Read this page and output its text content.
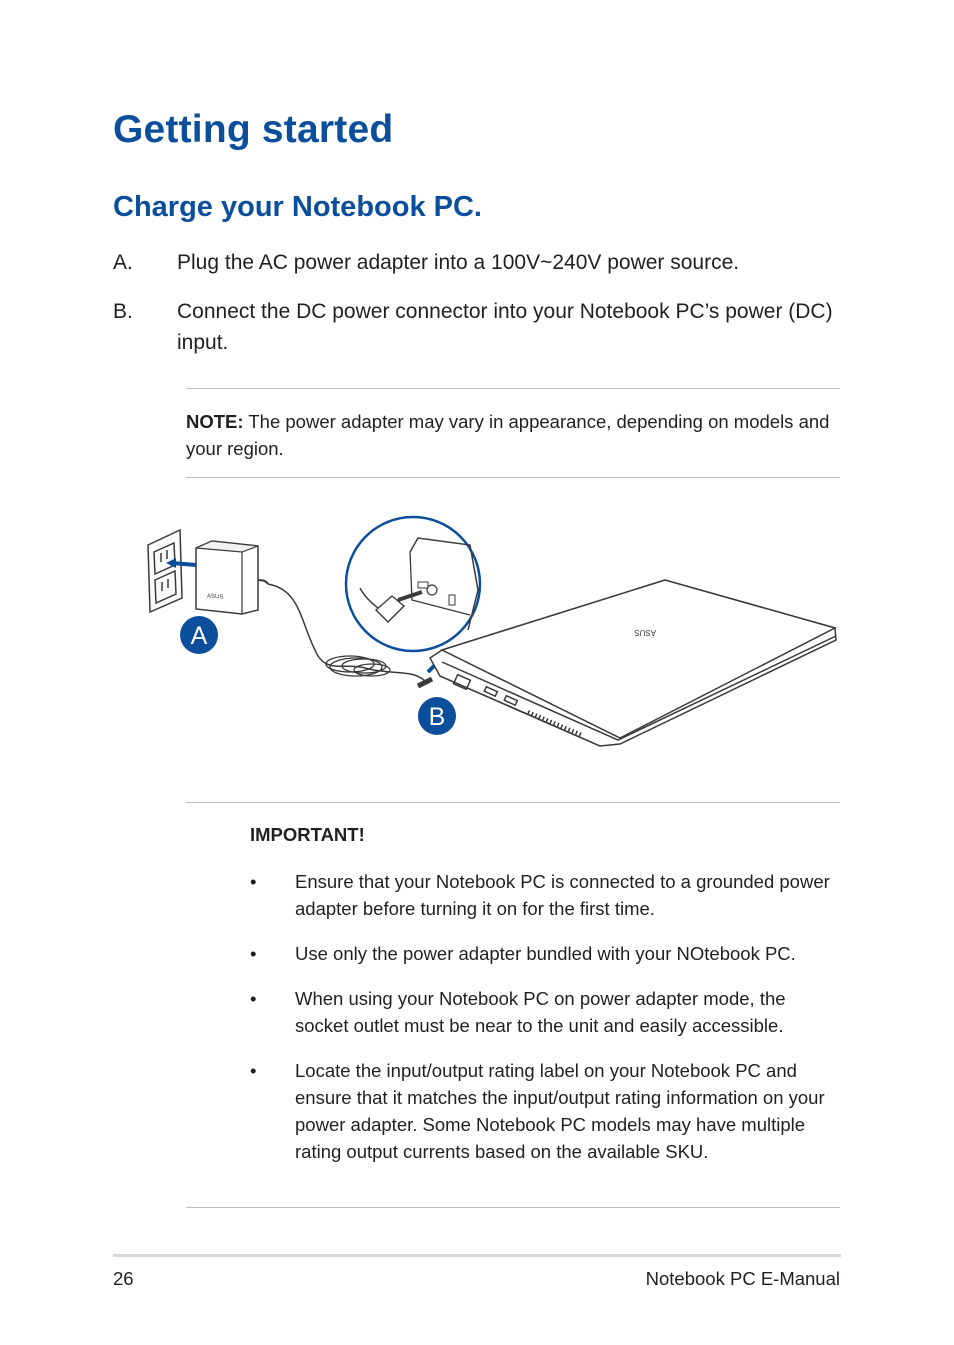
Getting started
Charge your Notebook PC.
A. Plug the AC power adapter into a 100V~240V power source.
B. Connect the DC power connector into your Notebook PC’s power (DC) input.
NOTE: The power adapter may vary in appearance, depending on models and your region.
ASUS
ASUS
A
B
IMPORTANT!
• Ensure that your Notebook PC is connected to a grounded power adapter before turning it on for the first time.
• Use only the power adapter bundled with your NOtebook PC.
• When using your Notebook PC on power adapter mode, the socket outlet must be near to the unit and easily accessible.
• Locate the input/output rating label on your Notebook PC and ensure that it matches the input/output rating information on your power adapter. Some Notebook PC models may have multiple rating output currents based on the available SKU.
26	Notebook PC E-Manual
